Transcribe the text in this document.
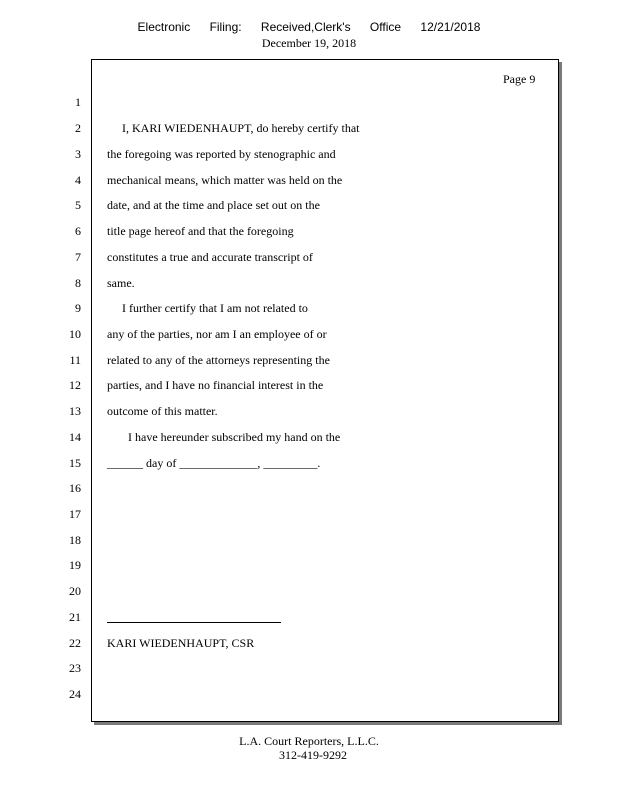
Electronic Filing: Received,Clerk's Office 12/21/2018
December 19, 2018
Page 9
1
2
3
4
5
6
7
8
9
10
11
12
13
14
15
16
17
18
19
20
21
22
23
24
I, KARI WIEDENHAUPT, do hereby certify that
the foregoing was reported by stenographic and
mechanical means, which matter was held on the
date, and at the time and place set out on the
title page hereof and that the foregoing
constitutes a true and accurate transcript of
same.
I further certify that I am not related to
any of the parties, nor am I an employee of or
related to any of the attorneys representing the
parties, and I have no financial interest in the
outcome of this matter.
I have hereunder subscribed my hand on the
______ day of _____________, _________.
KARI WIEDENHAUPT, CSR
L.A. Court Reporters, L.L.C.
312-419-9292
